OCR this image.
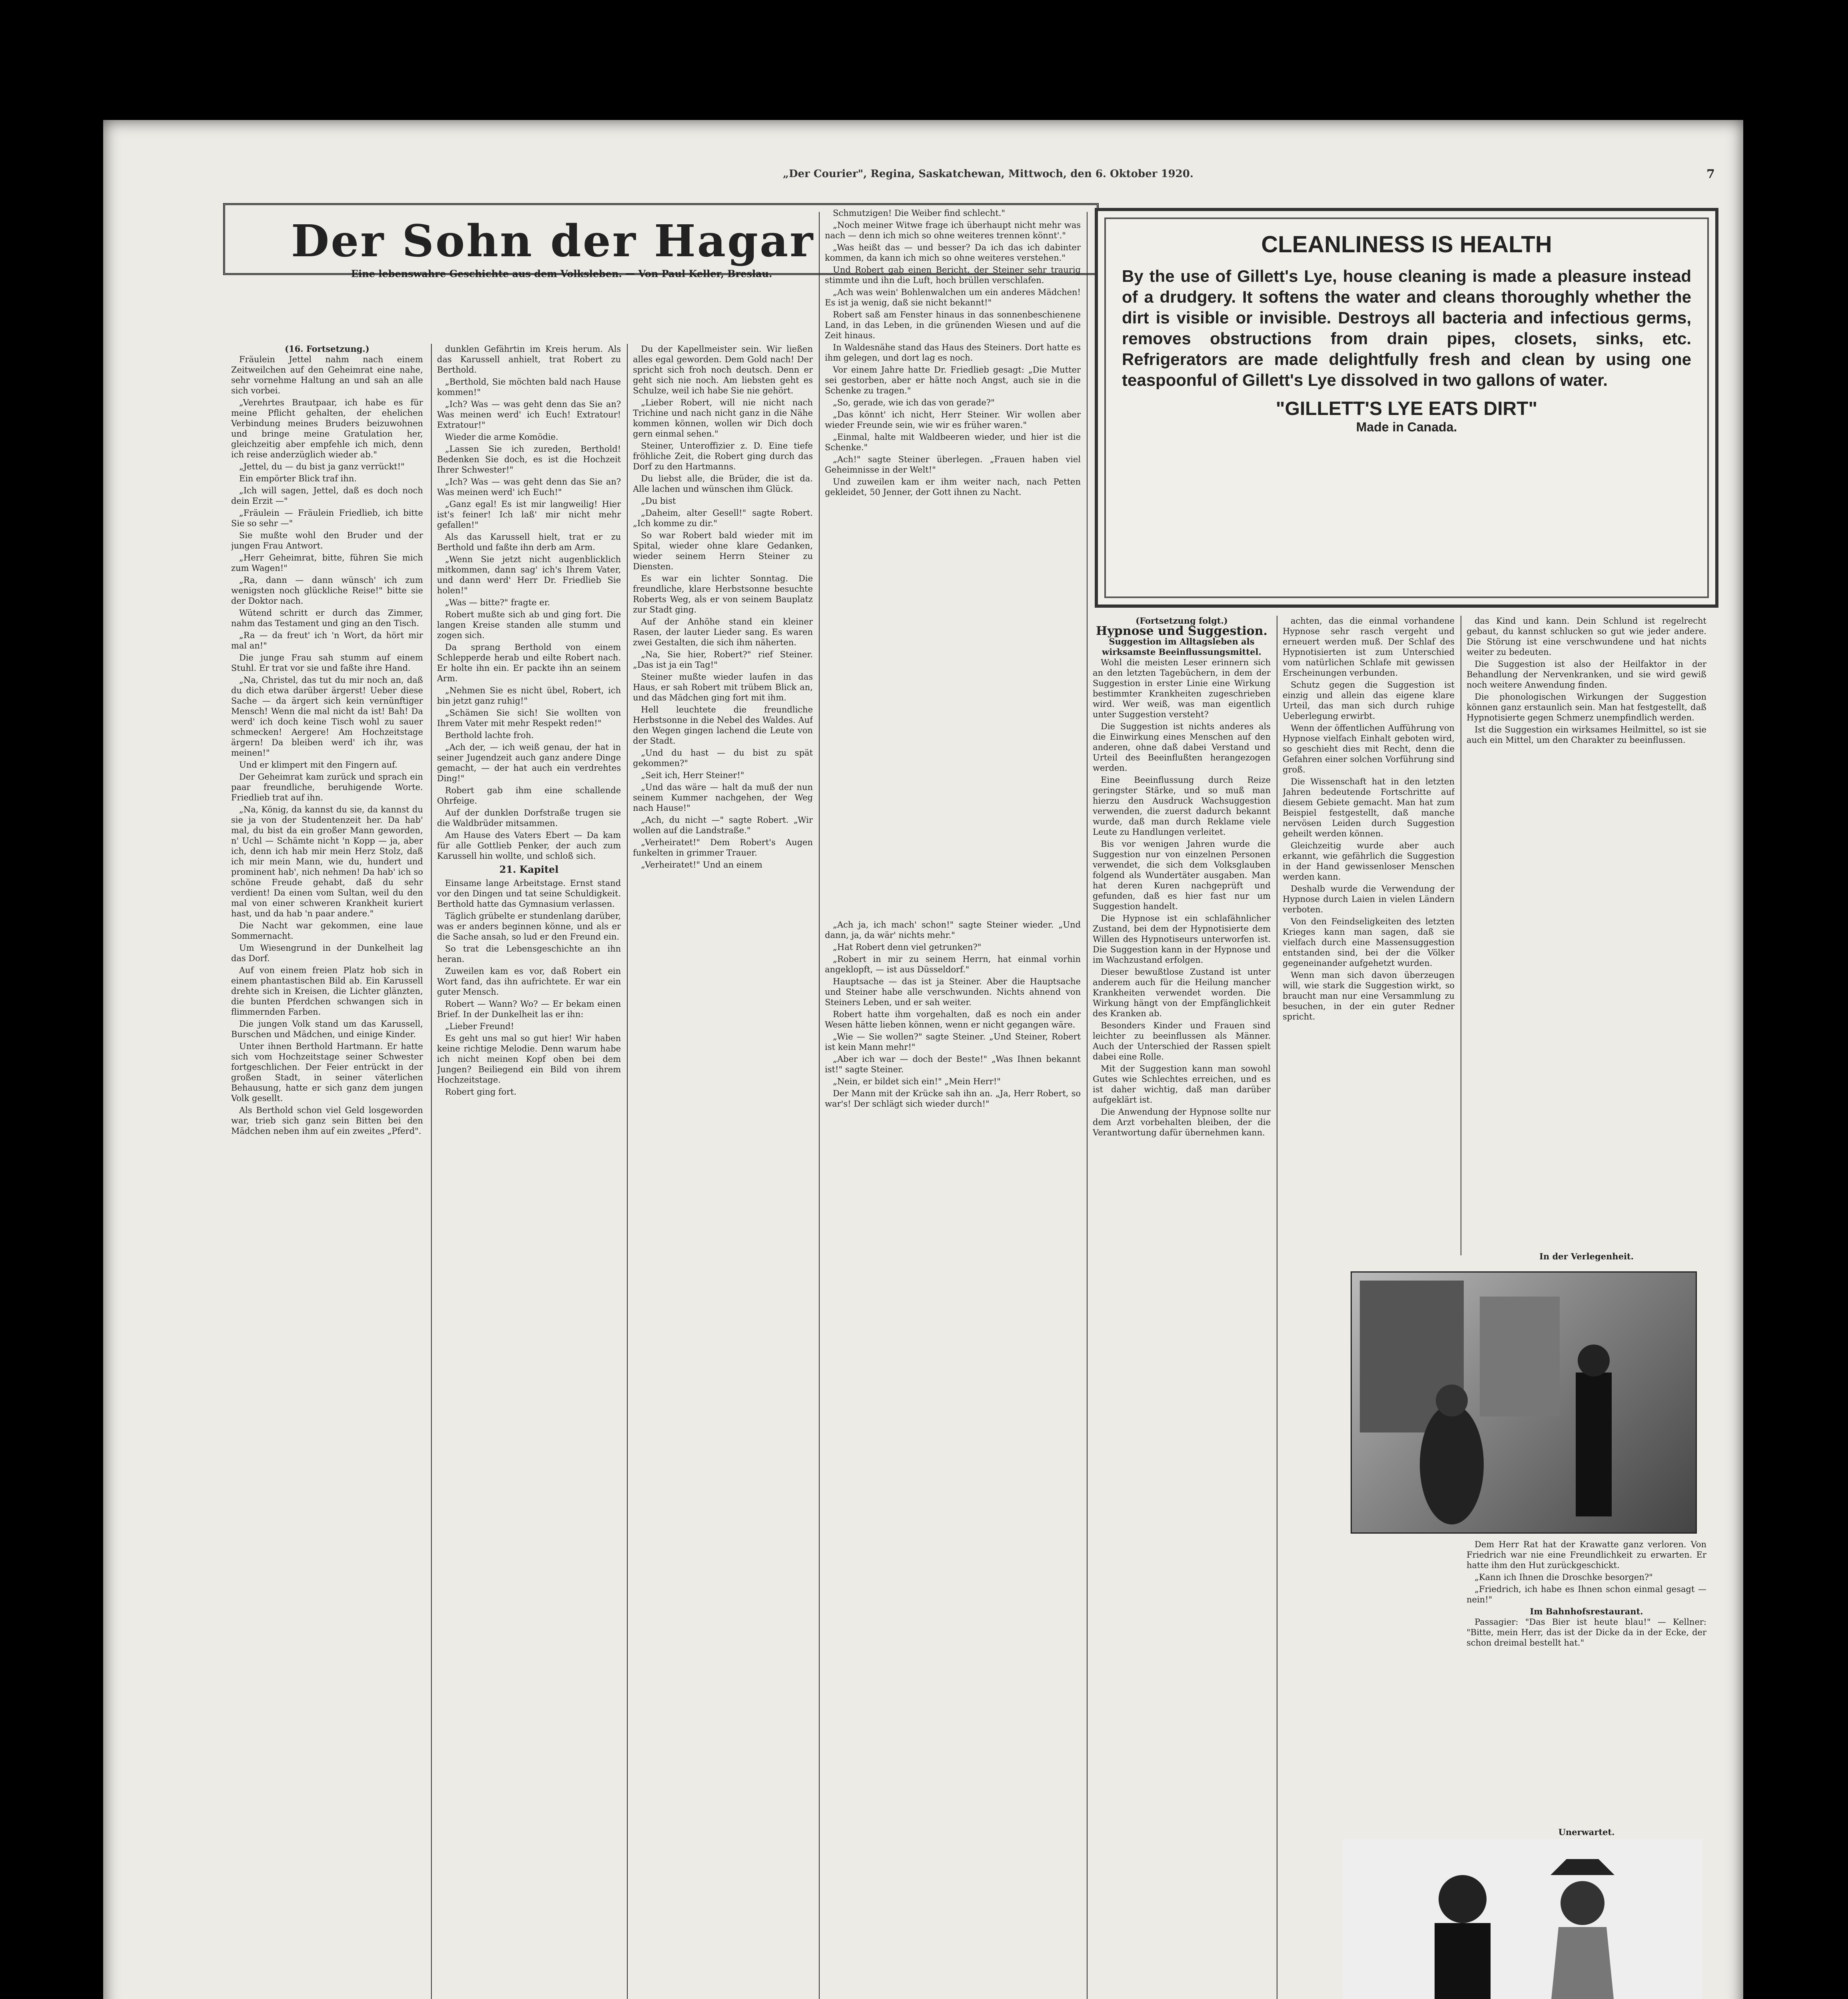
„Der Courier", Regina, Saskatchewan, Mittwoch, den 6. Oktober 1920.	7
Der Sohn der Hagar
Eine lebenswahre Geschichte aus dem Volksleben. — Von Paul Keller, Breslau.
CLEANLINESS IS HEALTH
By the use of Gillett's Lye, house cleaning is made a pleasure instead of a drudgery. It softens the water and cleans thoroughly whether the dirt is visible or invisible. Destroys all bacteria and infectious germs, removes obstructions from drain pipes, closets, sinks, etc. Refrigerators are made delightfully fresh and clean by using one teaspoonful of Gillett's Lye dissolved in two gallons of water.
"GILLETT'S LYE EATS DIRT"
Made in Canada.
(16. Fortsetzung.)

Fräulein Jettel nahm nach einem Zeitweilchen auf den Geheimrat eine nahe, sehr vornehme Haltung an und sah an alle sich vorbei.

„Verehrtes Brautpaar, ich habe es für meine Pflicht gehalten, der ehelichen Verbindung meines Bruders beizuwohnen und bringe meine Gratulation her, gleichzeitig aber empfehle ich mich, denn ich reise anderzüglich wieder ab."

„Jettel, du — du bist ja ganz verrückt!"

Ein empörter Blick traf ihn.

„Ich will sagen, Jettel, daß es doch noch dein Erzit —"

„Fräulein — Fräulein Friedlieb, ich bitte Sie so sehr —"

Sie mußte wohl den Bruder und der jungen Frau Antwort.

„Herr Geheimrat, bitte, führen Sie mich zum Wagen!"

„Ra, dann — dann wünsch' ich zum wenigsten noch glückliche Reise!" bitte sie der Doktor nach.

Wütend schritt er durch das Zimmer, nahm das Testament und ging an den Tisch.

„Ra — da freut' ich 'n Wort, da hört mir mal an!"

Die junge Frau sah stumm auf einem Stuhl. Er trat vor sie und faßte ihre Hand.

„Na, Christel, das tut du mir noch an, daß du dich etwa darüber ärgerst! Ueber diese Sache — da ärgert sich kein vernünftiger Mensch! Wenn die mal nicht da ist! Bah! Da werd' ich doch keine Tisch wohl zu sauer schmecken! Aergere! Am Hochzeitstage ärgern! Da bleiben werd' ich ihr, was meinen!"

Und er klimpert mit den Fingern auf.

Der Geheimrat kam zurück und sprach ein paar freundliche, beruhigende Worte. Friedlieb trat auf ihn.

„Na, König, da kannst du sie, da kannst du sie ja von der Studentenzeit her. Da hab' mal, du bist da ein großer Mann geworden, n' Uchl — Schämte nicht 'n Kopp — ja, aber ich, denn ich hab mir mein Herz Stolz, daß ich mir mein Mann, wie du, hundert und prominent hab', nich nehmen! Da hab' ich so schöne Freude gehabt, daß du sehr verdient! Da einen vom Sultan, weil du den mal von einer schweren Krankheit kuriert hast, und da hab 'n paar andere."

Die Nacht war gekommen, eine laue Sommernacht.

Um Wiesengrund in der Dunkelheit lag das Dorf.

Auf von einem freien Platz hob sich in einem phantastischen Bild ab. Ein Karussell drehte sich in Kreisen, die Lichter glänzten, die bunten Pferdchen schwangen sich in flimmernden Farben.

Die jungen Volk stand um das Karussell, Burschen und Mädchen, und einige Kinder.

Unter ihnen Berthold Hartmann. Er hatte sich vom Hochzeitstage seiner Schwester fortgeschlichen. Der Feier entrückt in der großen Stadt, in seiner väterlichen Behausung, hatte er sich ganz dem jungen Volk gesellt.

Als Berthold schon viel Geld losgeworden war, trieb sich ganz sein Bitten bei den Mädchen neben ihm auf ein zweites „Pferd".

dunklen Gefährtin im Kreis herum. Als das Karussell anhielt, trat Robert zu Berthold.

„Berthold, Sie möchten bald nach Hause kommen!"

„Ich? Was — was geht denn das Sie an? Was meinen werd' ich Euch! Extratour! Extratour!"

Wieder die arme Komödie.

„Lassen Sie ich zureden, Berthold! Bedenken Sie doch, es ist die Hochzeit Ihrer Schwester!"

„Ich? Was — was geht denn das Sie an? Was meinen werd' ich Euch!"

„Ganz egal! Es ist mir langweilig! Hier ist's feiner! Ich laß' mir nicht mehr gefallen!"

Als das Karussell hielt, trat er zu Berthold und faßte ihn derb am Arm.

„Wenn Sie jetzt nicht augenblicklich mitkommen, dann sag' ich's Ihrem Vater, und dann werd' Herr Dr. Friedlieb Sie holen!"

„Was — bitte?" fragte er.

Robert mußte sich ab und ging fort. Die langen Kreise standen alle stumm und zogen sich.

Da sprang Berthold von einem Schlepperde herab und eilte Robert nach. Er holte ihn ein. Er packte ihn an seinem Arm.

„Nehmen Sie es nicht übel, Robert, ich bin jetzt ganz ruhig!"

„Schämen Sie sich! Sie wollten von Ihrem Vater mit mehr Respekt reden!"

Berthold lachte froh.

„Ach der, — ich weiß genau, der hat in seiner Jugendzeit auch ganz andere Dinge gemacht, — der hat auch ein verdrehtes Ding!"

Robert gab ihm eine schallende Ohrfeige.

Auf der dunklen Dorfstraße trugen sie die Waldbrüder mitsammen.

Am Hause des Vaters Ebert — Da kam für alle Gottlieb Penker, der auch zum Karussell hin wollte, und schloß sich.

21. Kapitel

Einsame lange Arbeitstage. Ernst stand vor den Dingen und tat seine Schuldigkeit. Berthold hatte das Gymnasium verlassen.

Täglich grübelte er stundenlang darüber, was er anders beginnen könne, und als er die Sache ansah, so lud er den Freund ein.

So trat die Lebensgeschichte an ihn heran.

Zuweilen kam es vor, daß Robert ein Wort fand, das ihn aufrichtete. Er war ein guter Mensch.

Robert — Wann? Wo? — Er bekam einen Brief. In der Dunkelheit las er ihn:

„Lieber Freund!

Es geht uns mal so gut hier! Wir haben keine richtige Melodie. Denn warum habe ich nicht meinen Kopf oben bei dem Jungen? Beiliegend ein Bild von ihrem Hochzeitstage.

Robert ging fort.

Du der Kapellmeister sein. Wir ließen alles egal geworden. Dem Gold nach! Der spricht sich froh noch deutsch. Denn er geht sich nie noch. Am liebsten geht es Schulze, weil ich habe Sie nie gehört.

„Lieber Robert, will nie nicht nach Trichine und nach nicht ganz in die Nähe kommen können, wollen wir Dich doch gern einmal sehen."

Steiner, Unteroffizier z. D. Eine tiefe fröhliche Zeit, die Robert ging durch das Dorf zu den Hartmanns.

Du liebst alle, die Brüder, die ist da. Alle lachen und wünschen ihm Glück.

„Du bist

„Daheim, alter Gesell!" sagte Robert. „Ich komme zu dir."

So war Robert bald wieder mit im Spital, wieder ohne klare Gedanken, wieder seinem Herrn Steiner zu Diensten.

Es war ein lichter Sonntag. Die freundliche, klare Herbstsonne besuchte Roberts Weg, als er von seinem Bauplatz zur Stadt ging.

Auf der Anhöhe stand ein kleiner Rasen, der lauter Lieder sang. Es waren zwei Gestalten, die sich ihm näherten.

„Na, Sie hier, Robert?" rief Steiner. „Das ist ja ein Tag!"

Steiner mußte wieder laufen in das Haus, er sah Robert mit trübem Blick an, und das Mädchen ging fort mit ihm.

Hell leuchtete die freundliche Herbstsonne in die Nebel des Waldes. Auf den Wegen gingen lachend die Leute von der Stadt.

„Und du hast — du bist zu spät gekommen?"

„Seit ich, Herr Steiner!"

„Und das wäre — halt da muß der nun seinem Kummer nachgehen, der Weg nach Hause!"

„Ach, du nicht —" sagte Robert. „Wir wollen auf die Landstraße."

„Verheiratet!" Dem Robert's Augen funkelten in grimmer Trauer.

„Verheiratet!" Und an einem

Schmutzigen! Die Weiber find schlecht."

„Noch meiner Witwe frage ich überhaupt nicht mehr was nach — denn ich mich so ohne weiteres trennen könnt'."

„Was heißt das — und besser? Da ich das ich dabinter kommen, da kann ich mich so ohne weiteres verstehen."

Und Robert gab einen Bericht, der Steiner sehr traurig stimmte und ihn die Luft, hoch brüllen verschlafen.

„Ach was wein' Bohlenwalchen um ein anderes Mädchen! Es ist ja wenig, daß sie nicht bekannt!"

Robert saß am Fenster hinaus in das sonnenbeschienene Land, in das Leben, in die grünenden Wiesen und auf die Zeit hinaus.

In Waldesnähe stand das Haus des Steiners. Dort hatte es ihm gelegen, und dort lag es noch.

Vor einem Jahre hatte Dr. Friedlieb gesagt: „Die Mutter sei gestorben, aber er hätte noch Angst, auch sie in die Schenke zu tragen."

„So, gerade, wie ich das von gerade?"

„Das könnt' ich nicht, Herr Steiner. Wir wollen aber wieder Freunde sein, wie wir es früher waren."

„Einmal, halte mit Waldbeeren wieder, und hier ist die Schenke."

„Ach!" sagte Steiner überlegen. „Frauen haben viel Geheimnisse in der Welt!"

Und zuweilen kam er ihm weiter nach, nach Petten gekleidet, 50 Jenner, der Gott ihnen zu Nacht.

„Ach ja, ich mach' schon!" sagte Steiner wieder. „Und dann, ja, da wär' nichts mehr."

„Hat Robert denn viel getrunken?"

„Robert in mir zu seinem Herrn, hat einmal vorhin angeklopft, — ist aus Düsseldorf."

Hauptsache — das ist ja Steiner. Aber die Hauptsache und Steiner habe alle verschwunden. Nichts ahnend von Steiners Leben, und er sah weiter.

Robert hatte ihm vorgehalten, daß es noch ein ander Wesen hätte lieben können, wenn er nicht gegangen wäre.

„Wie — Sie wollen?" sagte Steiner. „Und Steiner, Robert ist kein Mann mehr!"

„Aber ich war — doch der Beste!" „Was Ihnen bekannt ist!" sagte Steiner.

„Nein, er bildet sich ein!" „Mein Herr!"

Der Mann mit der Krücke sah ihn an. „Ja, Herr Robert, so war's! Der schlägt sich wieder durch!"

(Fortsetzung folgt.)
Hypnose und Suggestion.
Suggestion im Alltagsleben als wirksamste Beeinflussungsmittel.

Wohl die meisten Leser erinnern sich an den letzten Tagebüchern, in dem der Suggestion in erster Linie eine Wirkung bestimmter Krankheiten zugeschrieben wird. Wer weiß, was man eigentlich unter Suggestion versteht?

Die Suggestion ist nichts anderes als die Einwirkung eines Menschen auf den anderen, ohne daß dabei Verstand und Urteil des Beeinflußten herangezogen werden.

Eine Beeinflussung durch Reize geringster Stärke, und so muß man hierzu den Ausdruck Wachsuggestion verwenden, die zuerst dadurch bekannt wurde, daß man durch Reklame viele Leute zu Handlungen verleitet.

Bis vor wenigen Jahren wurde die Suggestion nur von einzelnen Personen verwendet, die sich dem Volksglauben folgend als Wundertäter ausgaben. Man hat deren Kuren nachgeprüft und gefunden, daß es hier fast nur um Suggestion handelt.

Die Hypnose ist ein schlafähnlicher Zustand, bei dem der Hypnotisierte dem Willen des Hypnotiseurs unterworfen ist. Die Suggestion kann in der Hypnose und im Wachzustand erfolgen.

Dieser bewußtlose Zustand ist unter anderem auch für die Heilung mancher Krankheiten verwendet worden. Die Wirkung hängt von der Empfänglichkeit des Kranken ab.

Besonders Kinder und Frauen sind leichter zu beeinflussen als Männer. Auch der Unterschied der Rassen spielt dabei eine Rolle.

Mit der Suggestion kann man sowohl Gutes wie Schlechtes erreichen, und es ist daher wichtig, daß man darüber aufgeklärt ist.

Die Anwendung der Hypnose sollte nur dem Arzt vorbehalten bleiben, der die Verantwortung dafür übernehmen kann.

achten, das die einmal vorhandene Hypnose sehr rasch vergeht und erneuert werden muß. Der Schlaf des Hypnotisierten ist zum Unterschied vom natürlichen Schlafe mit gewissen Erscheinungen verbunden.

Schutz gegen die Suggestion ist einzig und allein das eigene klare Urteil, das man sich durch ruhige Ueberlegung erwirbt.

Wenn der öffentlichen Aufführung von Hypnose vielfach Einhalt geboten wird, so geschieht dies mit Recht, denn die Gefahren einer solchen Vorführung sind groß.

Die Wissenschaft hat in den letzten Jahren bedeutende Fortschritte auf diesem Gebiete gemacht. Man hat zum Beispiel festgestellt, daß manche nervösen Leiden durch Suggestion geheilt werden können.

Gleichzeitig wurde aber auch erkannt, wie gefährlich die Suggestion in der Hand gewissenloser Menschen werden kann.

Deshalb wurde die Verwendung der Hypnose durch Laien in vielen Ländern verboten.

Von den Feindseligkeiten des letzten Krieges kann man sagen, daß sie vielfach durch eine Massensuggestion entstanden sind, bei der die Völker gegeneinander aufgehetzt wurden.

Wenn man sich davon überzeugen will, wie stark die Suggestion wirkt, so braucht man nur eine Versammlung zu besuchen, in der ein guter Redner spricht.

das Kind und kann. Dein Schlund ist regelrecht gebaut, du kannst schlucken so gut wie jeder andere. Die Störung ist eine verschwundene und hat nichts weiter zu bedeuten.

Die Suggestion ist also der Heilfaktor in der Behandlung der Nervenkranken, und sie wird gewiß noch weitere Anwendung finden.

Die phonologischen Wirkungen der Suggestion können ganz erstaunlich sein. Man hat festgestellt, daß Hypnotisierte gegen Schmerz unempfindlich werden.

Ist die Suggestion ein wirksames Heilmittel, so ist sie auch ein Mittel, um den Charakter zu beeinflussen.

In der Verlegenheit.

Dem Herr Rat hat der Krawatte ganz verloren. Von Friedrich war nie eine Freundlichkeit zu erwarten. Er hatte ihm den Hut zurückgeschickt.

„Kann ich Ihnen die Droschke besorgen?"

„Friedrich, ich habe es Ihnen schon einmal gesagt — nein!"

Im Bahnhofsrestaurant.

Passagier: "Das Bier ist heute blau!" — Kellner: "Bitte, mein Herr, das ist der Dicke da in der Ecke, der schon dreimal bestellt hat."

Unerwartet.
